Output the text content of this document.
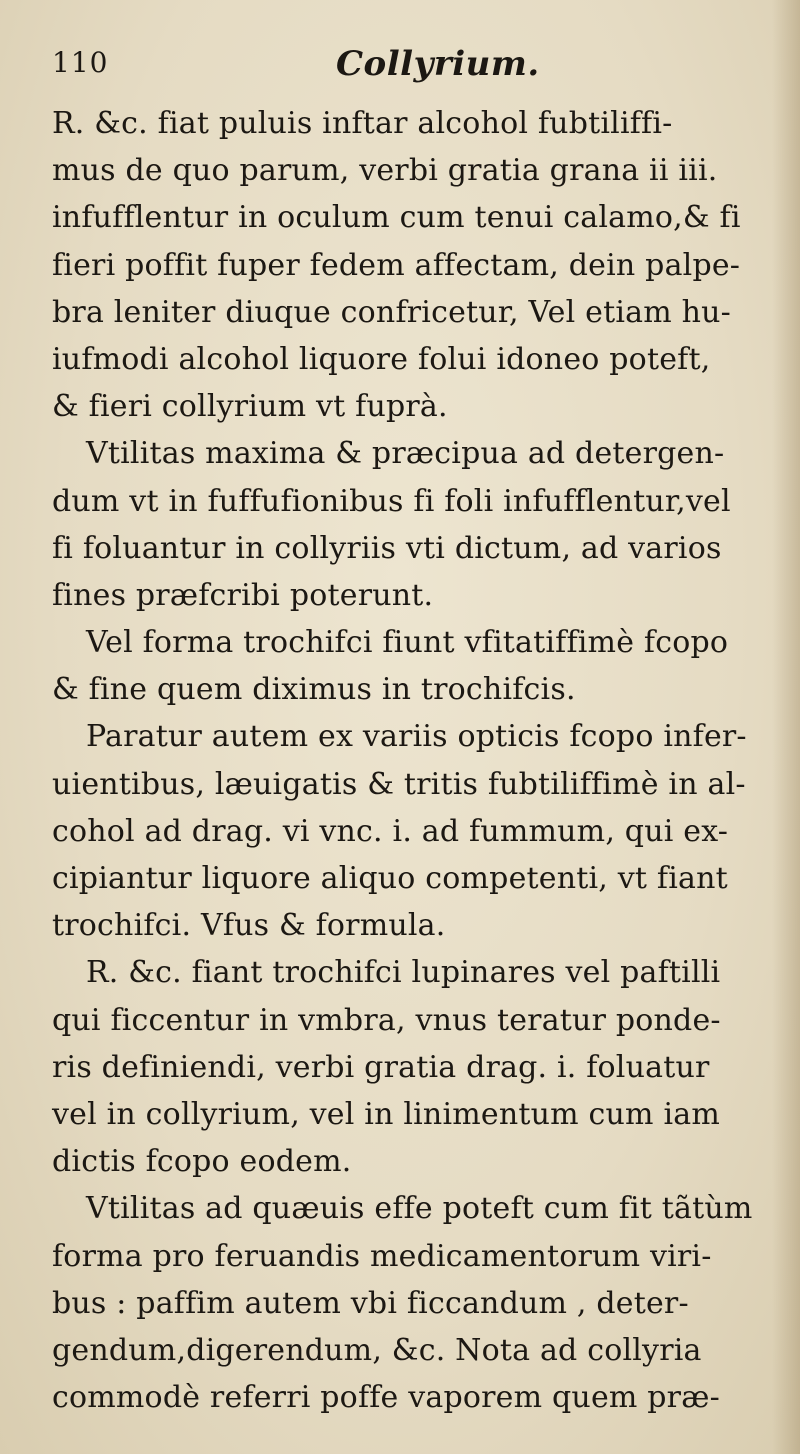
110	Collyrium.
R. &c. fiat puluis inftar alcohol fubtiliffi-
mus de quo parum, verbi gratia grana ii iii.
infufflentur in oculum cum tenui calamo,& fi
fieri poffit fuper fedem affectam, dein palpe-
bra leniter diuque confricetur, Vel etiam hu-
iufmodi alcohol liquore folui idoneo poteft,
& fieri collyrium vt fuprà.
Vtilitas maxima & præcipua ad detergen-
dum vt in fuffufionibus fi foli infufflentur,vel
fi foluantur in collyriis vti dictum, ad varios
fines præfcribi poterunt.
Vel forma trochifci fiunt vfitatiffimè fcopo
& fine quem diximus in trochifcis.
Paratur autem ex variis opticis fcopo infer-
uientibus, læuigatis & tritis fubtiliffimè in al-
cohol ad drag. vi vnc. i. ad fummum, qui ex-
cipiantur liquore aliquo competenti, vt fiant
trochifci. Vfus & formula.
R. &c. fiant trochifci lupinares vel paftilli
qui ficcentur in vmbra, vnus teratur ponde-
ris definiendi, verbi gratia drag. i. foluatur
vel in collyrium, vel in linimentum cum iam
dictis fcopo eodem.
Vtilitas ad quæuis effe poteft cum fit tãtùm
forma pro feruandis medicamentorum viri-
bus : paffim autem vbi ficcandum , deter-
gendum,digerendum, &c. Nota ad collyria
commodè referri poffe vaporem quem præ-
